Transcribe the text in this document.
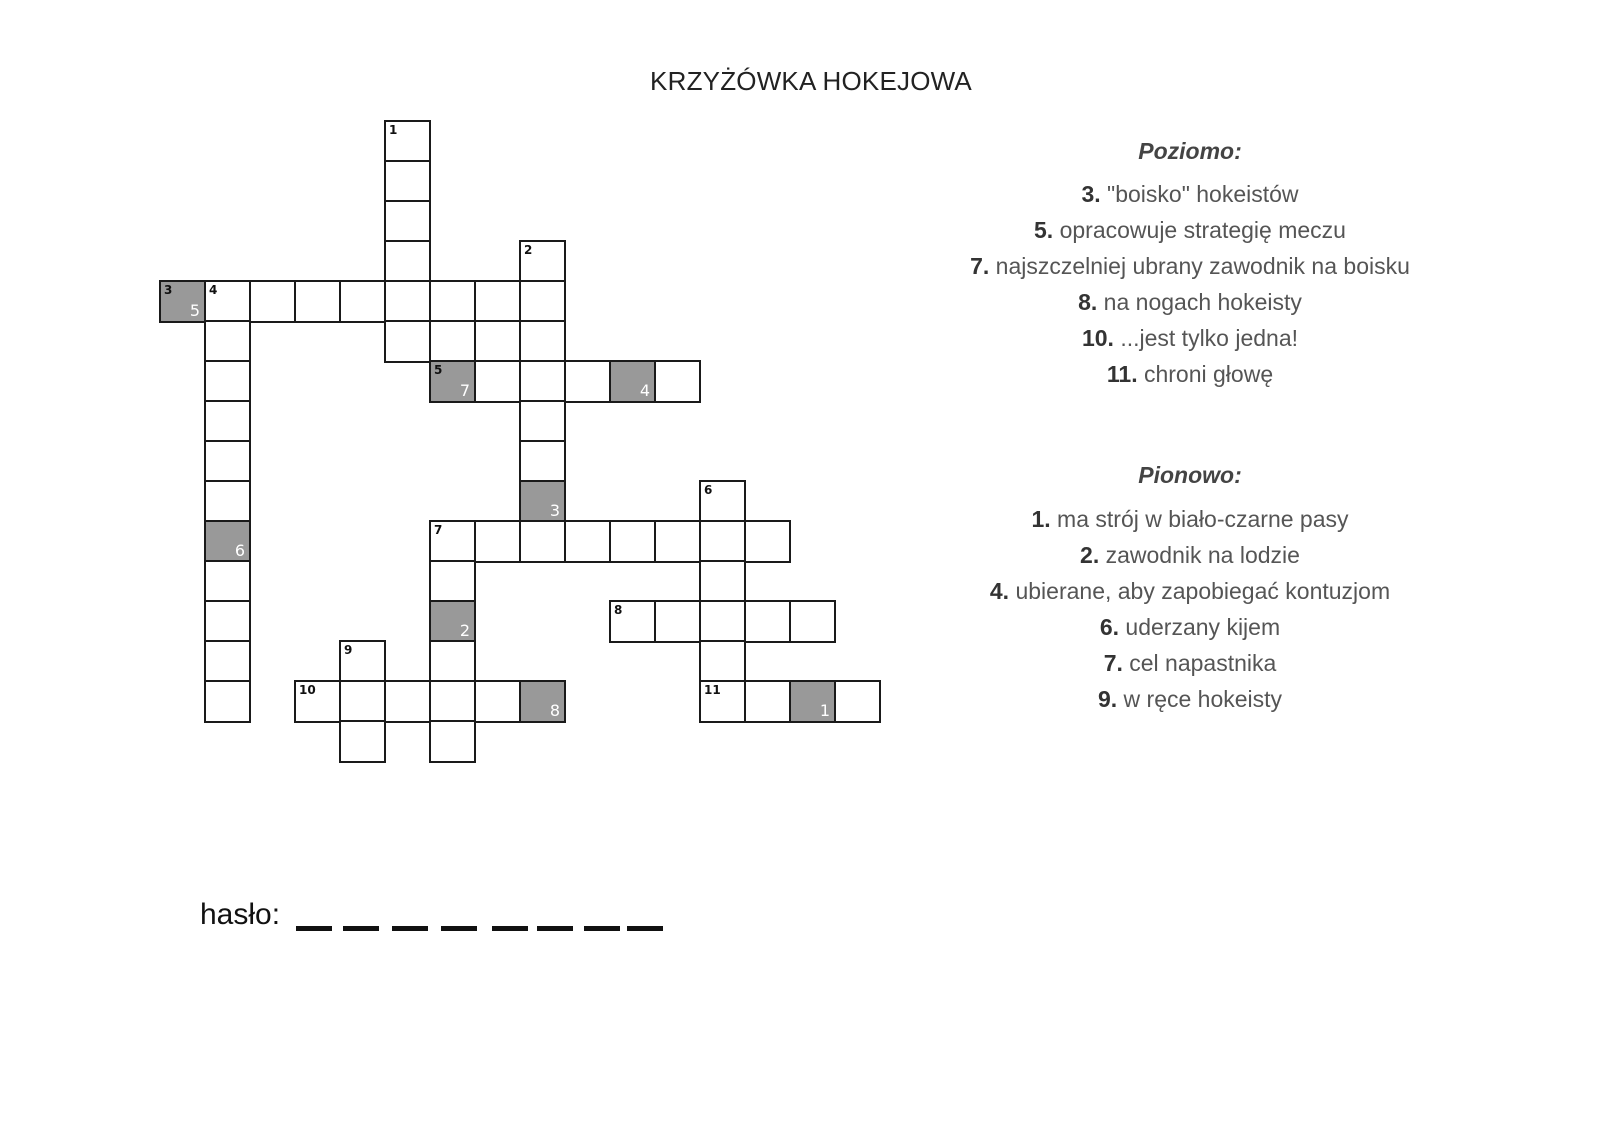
KRZYŻÓWKA HOKEJOWA
1
2
3
5
4
5
7	4
3
6
6
7
2
8
9
10
8
11
1
Poziomo:
3. "boisko" hokeistów
5. opracowuje strategię meczu
7. najszczelniej ubrany zawodnik na boisku
8. na nogach hokeisty
10. ...jest tylko jedna!
11. chroni głowę
Pionowo:
1. ma strój w biało-czarne pasy
2. zawodnik na lodzie
4. ubierane, aby zapobiegać kontuzjom
6. uderzany kijem
7. cel napastnika
9. w ręce hokeisty
hasło:
